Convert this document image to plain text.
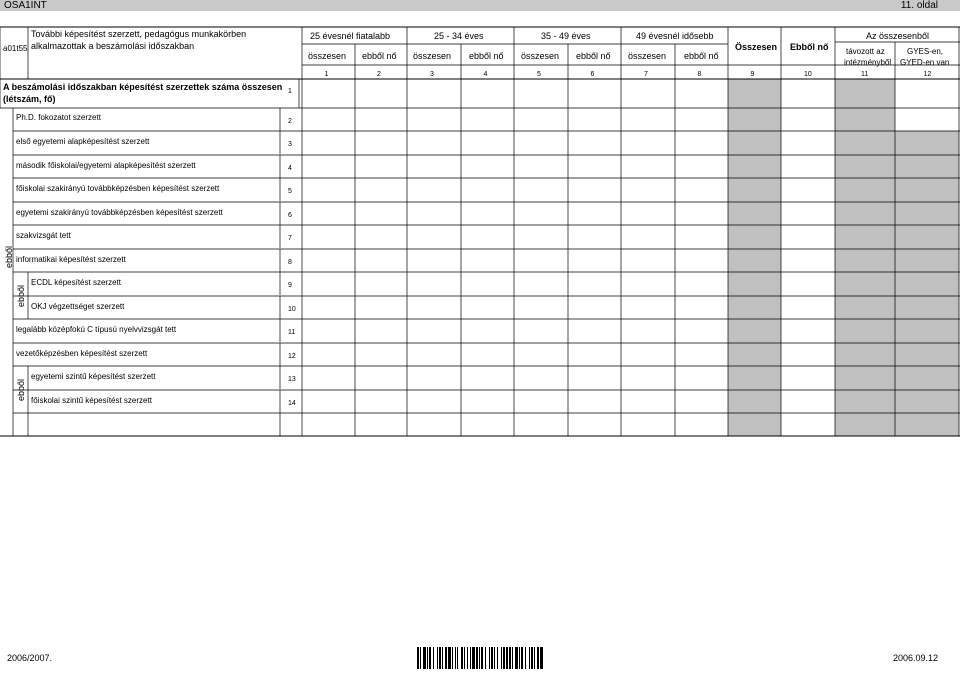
OSA1INT	11. oldal
a01t55
További képesítést szerzett, pedagógus munkakörben
alkalmazottak a beszámolási időszakban
25 évesnél fiatalabb	25 - 34 éves	35 - 49 éves	49 évesnél idősebb
összesen ebből nő összesen ebből nő összesen ebből nő összesen ebből nő
Összesen Ebből nő
Az összesenből
távozott az
intézményből
GYES-en,
GYED-en van
1	2	3	4	5	6	7	8	9	10	11	12
A beszámolási időszakban képesítést szerzettek száma összesen
(létszám, fő)
1
Ph.D. fokozatot szerzett	2
első egyetemi alapképesítést szerzett	3
második főiskolai/egyetemi alapképesítést szerzett	4
főiskolai szakirányú továbbképzésben képesítést szerzett	5
egyetemi szakirányú továbbképzésben képesítést szerzett	6
szakvizsgát tett	7
informatikai képesítést szerzett	8
ECDL képesítést szerzett	9
OKJ végzettséget szerzett	10
legalább középfokú C típusú nyelvvizsgát tett	11
vezetőképzésben képesítést szerzett	12
egyetemi szintű képesítést szerzett	13
főiskolai szintű képesítést szerzett	14
ebből
ebből
ebből
2006/2007.	2006.09.12
